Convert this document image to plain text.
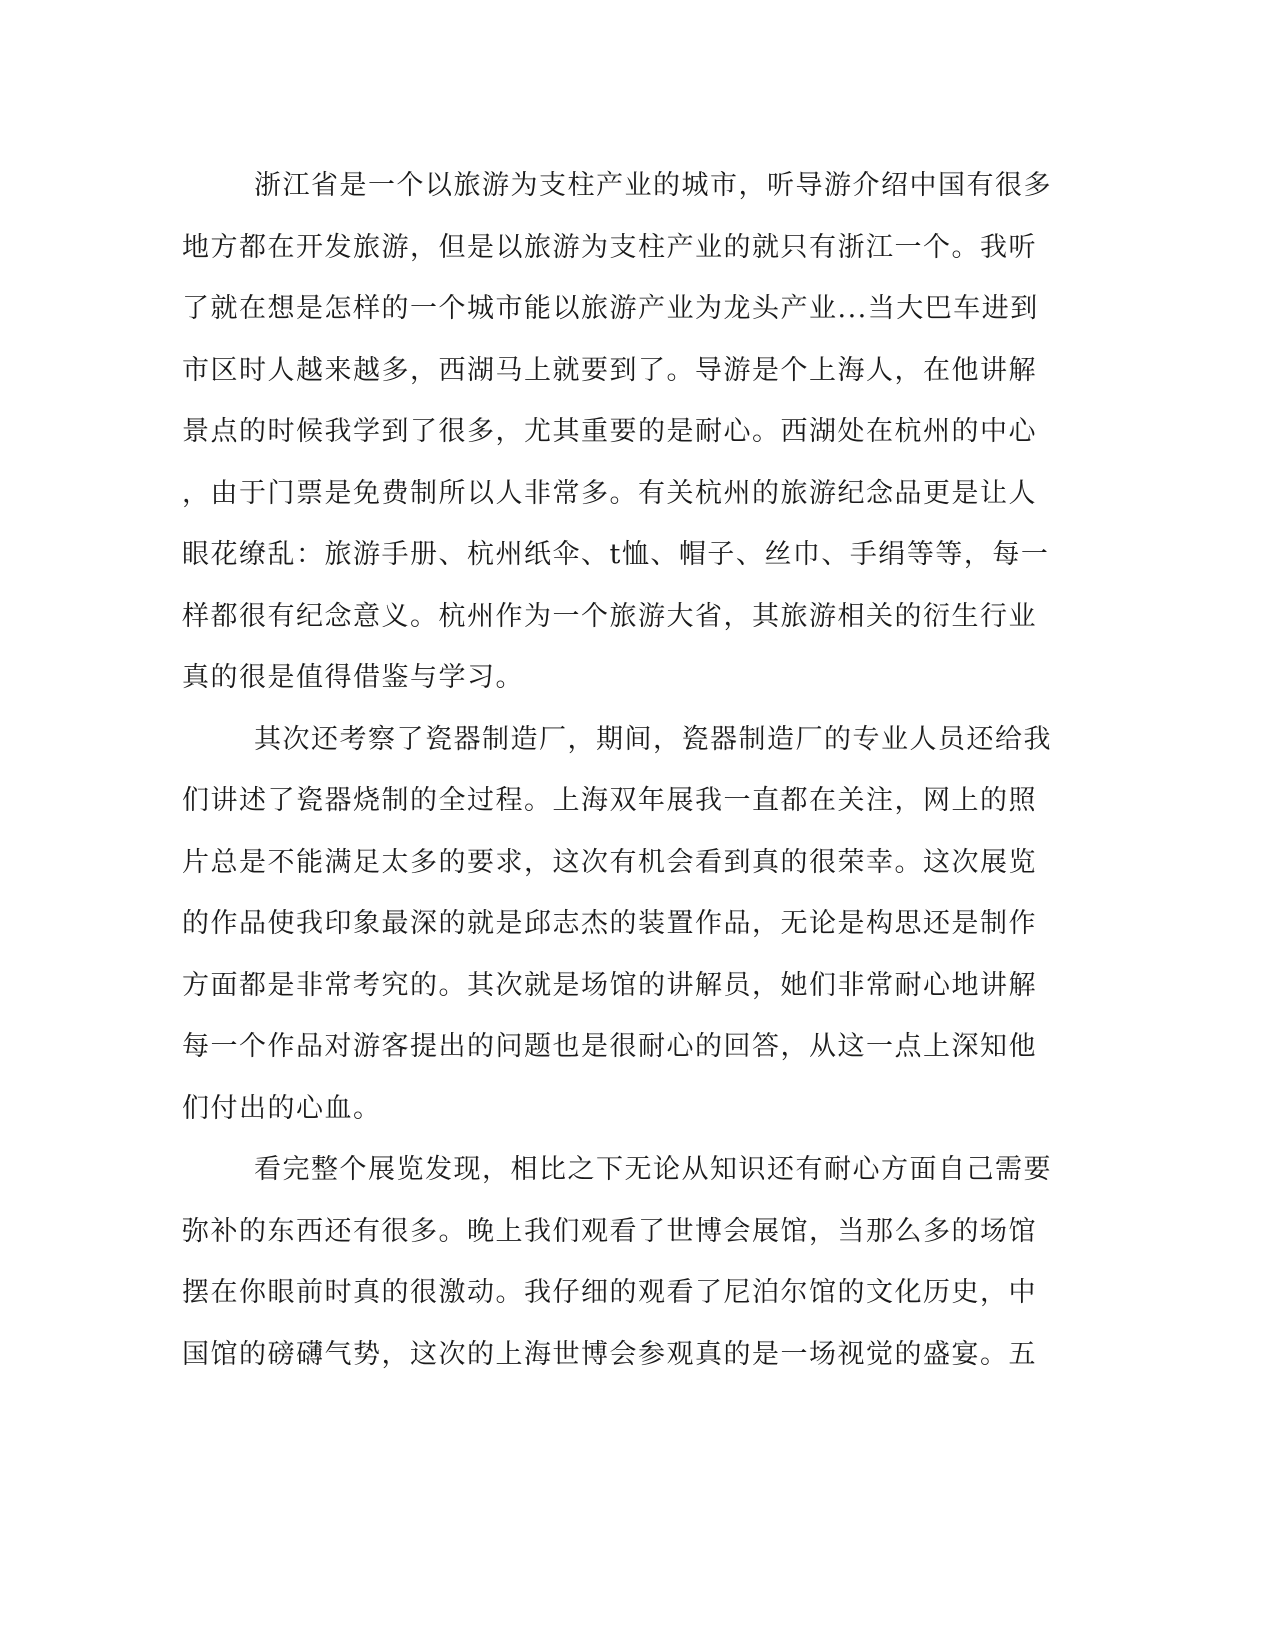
浙江省是一个以旅游为支柱产业的城市，听导游介绍中国有很多
地方都在开发旅游，但是以旅游为支柱产业的就只有浙江一个。我听
了就在想是怎样的一个城市能以旅游产业为龙头产业...当大巴车进到
市区时人越来越多，西湖马上就要到了。导游是个上海人，在他讲解
景点的时候我学到了很多，尤其重要的是耐心。西湖处在杭州的中心
，由于门票是免费制所以人非常多。有关杭州的旅游纪念品更是让人
眼花缭乱：旅游手册、杭州纸伞、t恤、帽子、丝巾、手绢等等，每一
样都很有纪念意义。杭州作为一个旅游大省，其旅游相关的衍生行业
真的很是值得借鉴与学习。
其次还考察了瓷器制造厂，期间，瓷器制造厂的专业人员还给我
们讲述了瓷器烧制的全过程。上海双年展我一直都在关注，网上的照
片总是不能满足太多的要求，这次有机会看到真的很荣幸。这次展览
的作品使我印象最深的就是邱志杰的装置作品，无论是构思还是制作
方面都是非常考究的。其次就是场馆的讲解员，她们非常耐心地讲解
每一个作品对游客提出的问题也是很耐心的回答，从这一点上深知他
们付出的心血。
看完整个展览发现，相比之下无论从知识还有耐心方面自己需要
弥补的东西还有很多。晚上我们观看了世博会展馆，当那么多的场馆
摆在你眼前时真的很激动。我仔细的观看了尼泊尔馆的文化历史，中
国馆的磅礴气势，这次的上海世博会参观真的是一场视觉的盛宴。五
